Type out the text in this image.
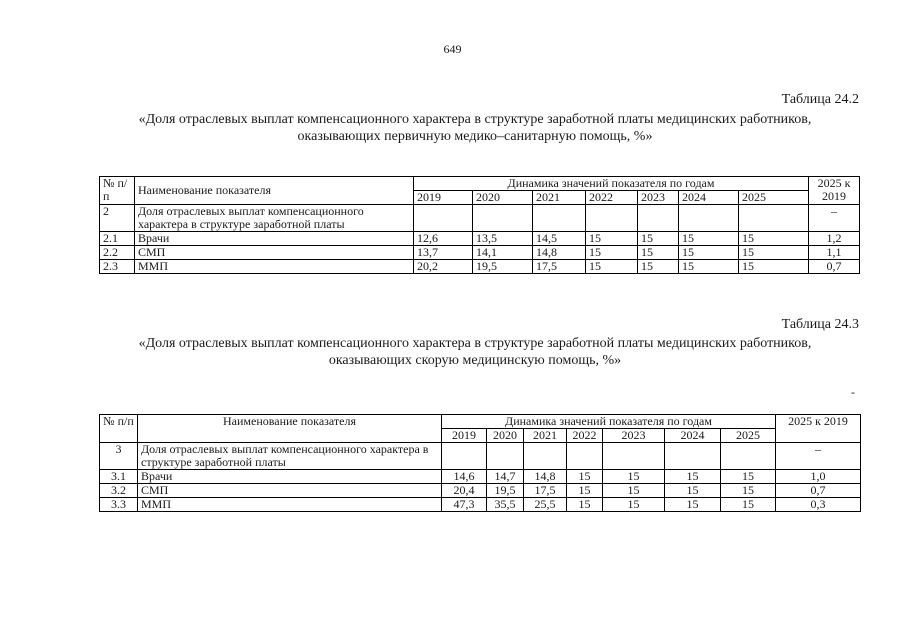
649
Таблица 24.2
«Доля отраслевых выплат компенсационного характера в структуре заработной платы медицинских работников,
оказывающих первичную медико–санитарную помощь, %»
№ п/п	Наименование показателя	Динамика значений показателя по годам							2025 к 2019
		2019	2020	2021	2022	2023	2024	2025	
2	Доля отраслевых выплат компенсационного характера в структуре заработной платы								–
2.1	Врачи	12,6	13,5	14,5	15	15	15	15	1,2
2.2	СМП	13,7	14,1	14,8	15	15	15	15	1,1
2.3	ММП	20,2	19,5	17,5	15	15	15	15	0,7
-
Таблица 24.3
«Доля отраслевых выплат компенсационного характера в структуре заработной платы медицинских работников,
оказывающих скорую медицинскую помощь, %»
№ п/п	Наименование показателя	Динамика значений показателя по годам							2025 к 2019
		2019	2020	2021	2022	2023	2024	2025	
3	Доля отраслевых выплат компенсационного характера в структуре заработной платы								–
3.1	Врачи	14,6	14,7	14,8	15	15	15	15	1,0
3.2	СМП	20,4	19,5	17,5	15	15	15	15	0,7
3.3	ММП	47,3	35,5	25,5	15	15	15	15	0,3
